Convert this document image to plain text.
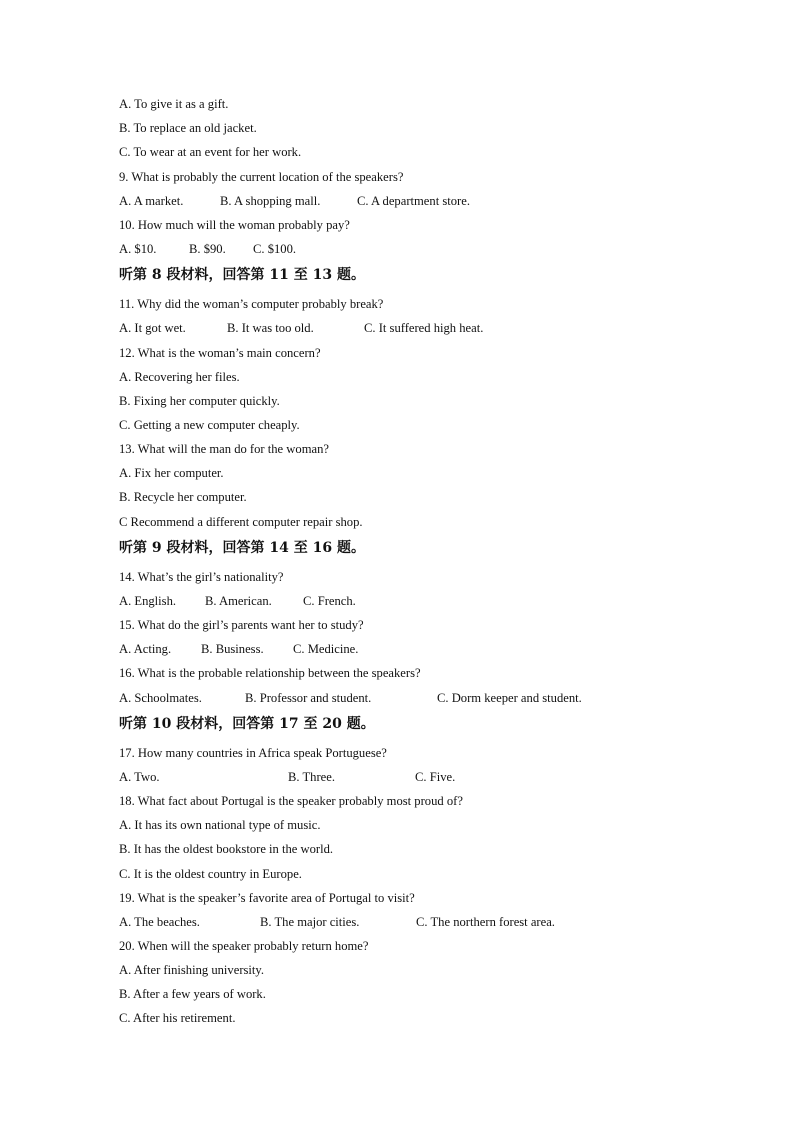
A. To give it as a gift.
B. To replace an old jacket.
C. To wear at an event for her work.
9. What is probably the current location of the speakers?
A. A market.	B. A shopping mall.	C. A department store.
10. How much will the woman probably pay?
A. $10.	B. $90. C. $100.
听第 8 段材料，回答第 11 至 13 题。
11. Why did the woman’s computer probably break?
A. It got wet.	B. It was too old.	C. It suffered high heat.
12. What is the woman’s main concern?
A. Recovering her files.
B. Fixing her computer quickly.
C. Getting a new computer cheaply.
13. What will the man do for the woman?
A. Fix her computer.
B. Recycle her computer.
C Recommend a different computer repair shop.
听第 9 段材料，回答第 14 至 16 题。
14. What’s the girl’s nationality?
A. English. B. American. C. French.
15. What do the girl’s parents want her to study?
A. Acting. B. Business. C. Medicine.
16. What is the probable relationship between the speakers?
A. Schoolmates.	B. Professor and student.	C. Dorm keeper and student.
听第 10 段材料，回答第 17 至 20 题。
17. How many countries in Africa speak Portuguese?
A. Two.	B. Three.	C. Five.
18. What fact about Portugal is the speaker probably most proud of?
A. It has its own national type of music.
B. It has the oldest bookstore in the world.
C. It is the oldest country in Europe.
19. What is the speaker’s favorite area of Portugal to visit?
A. The beaches.	B. The major cities.	C. The northern forest area.
20. When will the speaker probably return home?
A. After finishing university.
B. After a few years of work.
C. After his retirement.
